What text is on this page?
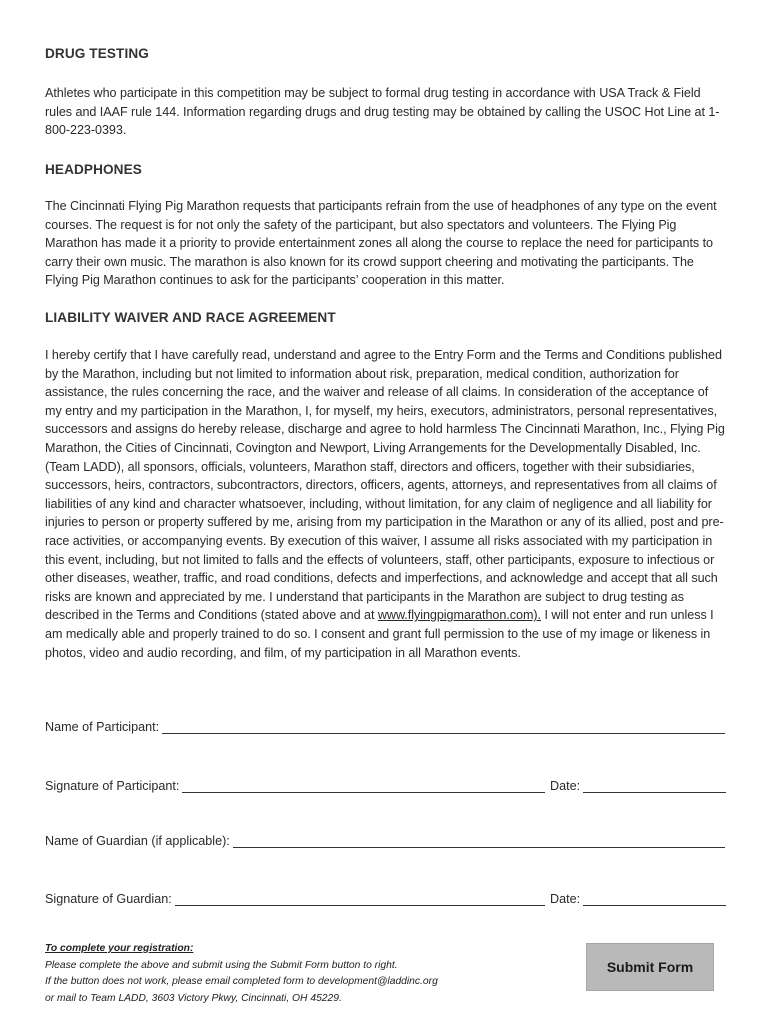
DRUG TESTING

Athletes who participate in this competition may be subject to formal drug testing in accordance with USA Track & Field rules and IAAF rule 144. Information regarding drugs and drug testing may be obtained by calling the USOC Hot Line at 1-800-223-0393.

HEADPHONES

The Cincinnati Flying Pig Marathon requests that participants refrain from the use of headphones of any type on the event courses. The request is for not only the safety of the participant, but also spectators and volunteers. The Flying Pig Marathon has made it a priority to provide entertainment zones all along the course to replace the need for participants to carry their own music. The marathon is also known for its crowd support cheering and motivating the participants. The Flying Pig Marathon continues to ask for the participants’ cooperation in this matter.

LIABILITY WAIVER AND RACE AGREEMENT

I hereby certify that I have carefully read, understand and agree to the Entry Form and the Terms and Conditions published by the Marathon, including but not limited to information about risk, preparation, medical condition, authorization for assistance, the rules concerning the race, and the waiver and release of all claims. In consideration of the acceptance of my entry and my participation in the Marathon, I, for myself, my heirs, executors, administrators, personal representatives, successors and assigns do hereby release, discharge and agree to hold harmless The Cincinnati Marathon, Inc., Flying Pig Marathon, the Cities of Cincinnati, Covington and Newport, Living Arrangements for the Developmentally Disabled, Inc. (Team LADD), all sponsors, officials, volunteers, Marathon staff, directors and officers, together with their subsidiaries, successors, heirs, contractors, subcontractors, directors, officers, agents, attorneys, and representatives from all claims of liabilities of any kind and character whatsoever, including, without limitation, for any claim of negligence and all liability for injuries to person or property suffered by me, arising from my participation in the Marathon or any of its allied, post and pre-race activities, or accompanying events. By execution of this waiver, I assume all risks associated with my participation in this event, including, but not limited to falls and the effects of volunteers, staff, other participants, exposure to infectious or other diseases, weather, traffic, and road conditions, defects and imperfections, and acknowledge and accept that all such risks are known and appreciated by me. I understand that participants in the Marathon are subject to drug testing as described in the Terms and Conditions (stated above and at www.flyingpigmarathon.com). I will not enter and run unless I am medically able and properly trained to do so. I consent and grant full permission to the use of my image or likeness in photos, video and audio recording, and film, of my participation in all Marathon events.

Name of Participant:
Signature of Participant:	Date:
Name of Guardian (if applicable):
Signature of Guardian:	Date:
To complete your registration:
Please complete the above and submit using the Submit Form button to right.
If the button does not work, please email completed form to development@laddinc.org
or mail to Team LADD, 3603 Victory Pkwy, Cincinnati, OH 45229.
Submit Form
